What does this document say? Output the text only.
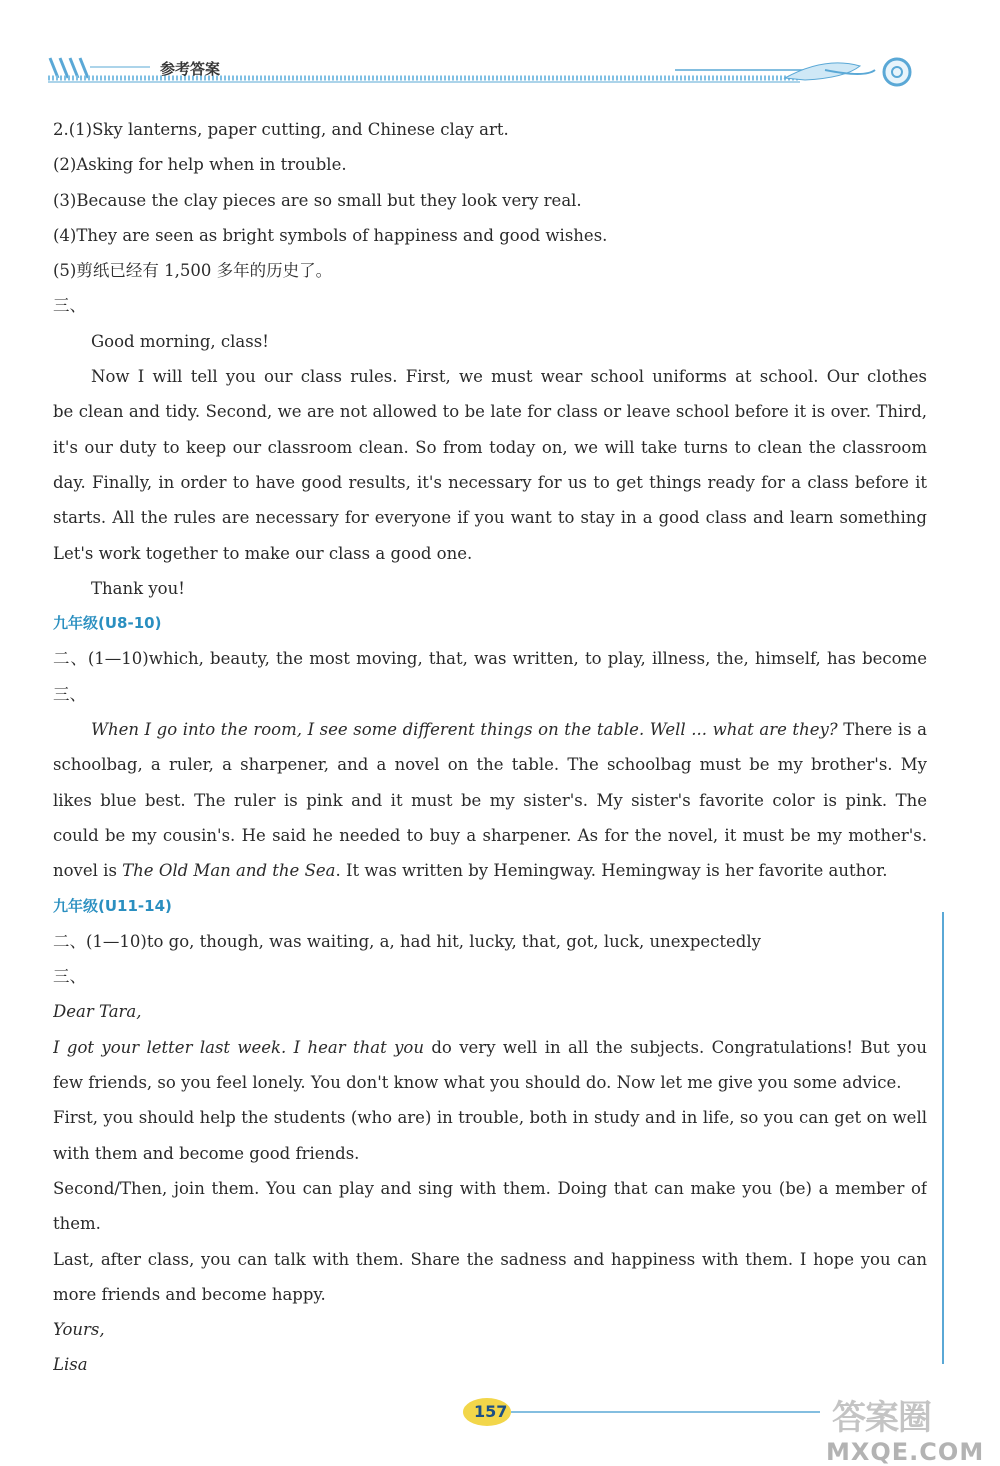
参考答案
2.(1)Sky lanterns, paper cutting, and Chinese clay art.
(2)Asking for help when in trouble.
(3)Because the clay pieces are so small but they look very real.
(4)They are seen as bright symbols of happiness and good wishes.
(5)剪纸已经有 1,500 多年的历史了。
三、
Good morning, class!
Now I will tell you our class rules. First, we must wear school uniforms at school. Our clothes
be clean and tidy. Second, we are not allowed to be late for class or leave school before it is over. Third,
it's our duty to keep our classroom clean. So from today on, we will take turns to clean the classroom
day. Finally, in order to have good results, it's necessary for us to get things ready for a class before it
starts. All the rules are necessary for everyone if you want to stay in a good class and learn something
Let's work together to make our class a good one.
Thank you!
九年级(U8-10)
二、(1—10)which, beauty, the most moving, that, was written, to play, illness, the, himself, has become
三、
When I go into the room, I see some different things on the table. Well ... what are they? There is a
schoolbag, a ruler, a sharpener, and a novel on the table. The schoolbag must be my brother's. My
likes blue best. The ruler is pink and it must be my sister's. My sister's favorite color is pink. The
could be my cousin's. He said he needed to buy a sharpener. As for the novel, it must be my mother's.
novel is The Old Man and the Sea. It was written by Hemingway. Hemingway is her favorite author.
九年级(U11-14)
二、(1—10)to go, though, was waiting, a, had hit, lucky, that, got, luck, unexpectedly
三、
Dear Tara,
I got your letter last week. I hear that you do very well in all the subjects. Congratulations! But you
few friends, so you feel lonely. You don't know what you should do. Now let me give you some advice.
First, you should help the students (who are) in trouble, both in study and in life, so you can get on well
with them and become good friends.
Second/Then, join them. You can play and sing with them. Doing that can make you (be) a member of
them.
Last, after class, you can talk with them. Share the sadness and happiness with them. I hope you can
more friends and become happy.
Yours,
Lisa
157	答案圈
MXQE.COM
